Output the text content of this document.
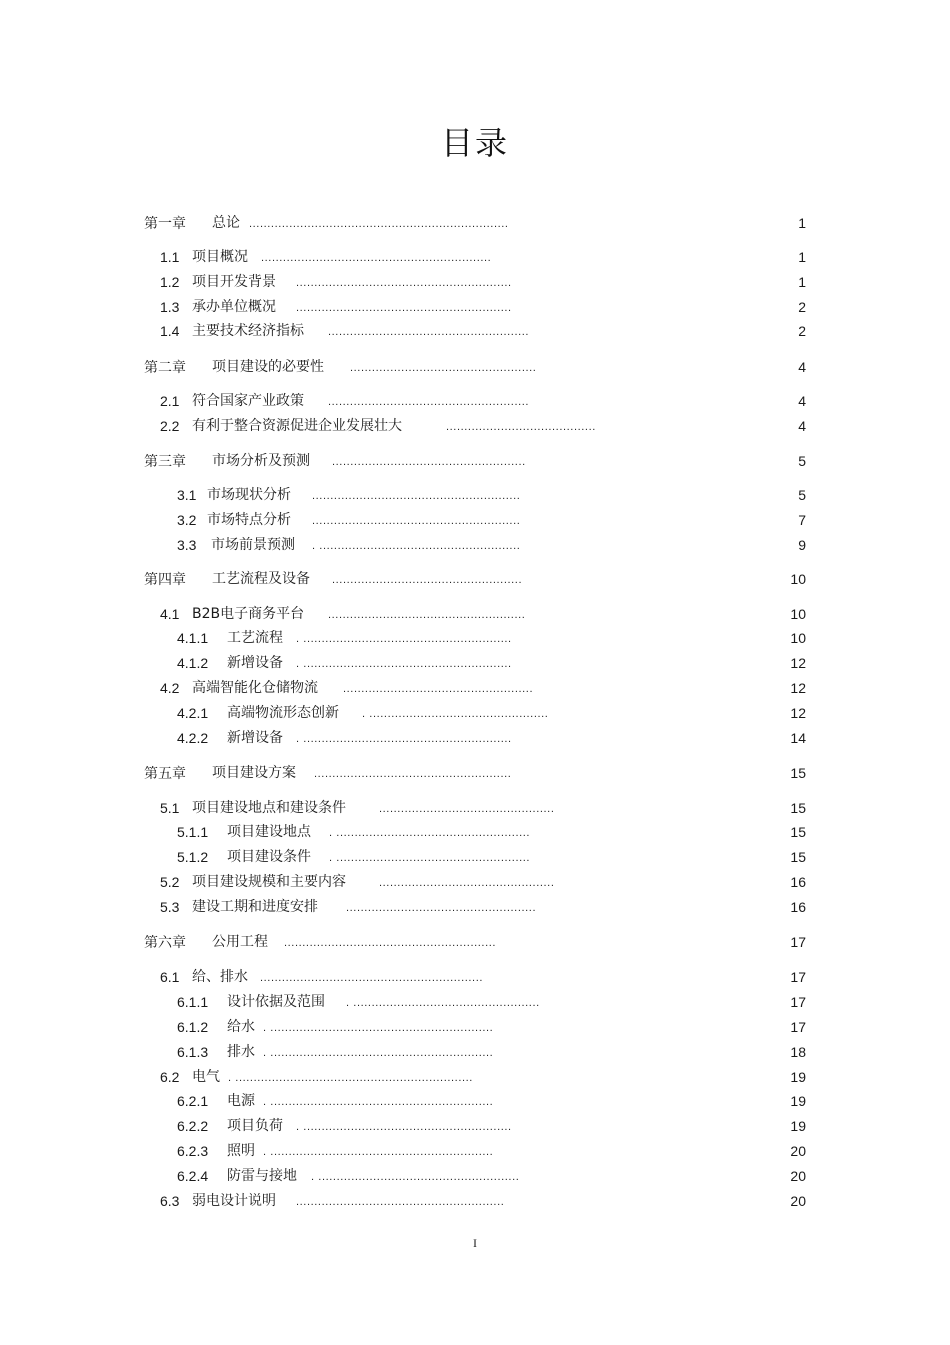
目录
第一章 总论 .......................................................................	1
1.1 项目概况 ...............................................................	1
1.2 项目开发背景 ...........................................................	1
1.3 承办单位概况 ...........................................................	2
1.4 主要技术经济指标 .......................................................	2
第二章 项目建设的必要性 ...................................................	4
2.1 符合国家产业政策 .......................................................	4
2.2 有利于整合资源促进企业发展壮大	.........................................	4
第三章 市场分析及预测 .....................................................	5
3.1 市场现状分析 .........................................................	5
3.2 市场特点分析 .........................................................	7
3.3 市场前景预测 . .......................................................	9
第四章 工艺流程及设备 ....................................................	10
4.1 B2B电子商务平台 ......................................................	10
4.1.1 工艺流程 . .........................................................	10
4.1.2 新增设备 . .........................................................	12
4.2 高端智能化仓储物流 ....................................................	12
4.2.1 高端物流形态创新 . .................................................	12
4.2.2 新增设备 . .........................................................	14
第五章 项目建设方案 ......................................................	15
5.1 项目建设地点和建设条件	................................................	15
5.1.1 项目建设地点 . .....................................................	15
5.1.2 项目建设条件 . .....................................................	15
5.2 项目建设规模和主要内容	................................................	16
5.3 建设工期和进度安排	....................................................	16
第六章 公用工程 ..........................................................	17
6.1 给、排水 .............................................................	17
6.1.1 设计依据及范围 . ...................................................	17
6.1.2 给水 . .............................................................	17
6.1.3 排水 . .............................................................	18
6.2 电气 . .................................................................	19
6.2.1 电源 . .............................................................	19
6.2.2 项目负荷 . .........................................................	19
6.2.3 照明 . .............................................................	20
6.2.4 防雷与接地 . .......................................................	20
6.3 弱电设计说明 .........................................................	20
I
